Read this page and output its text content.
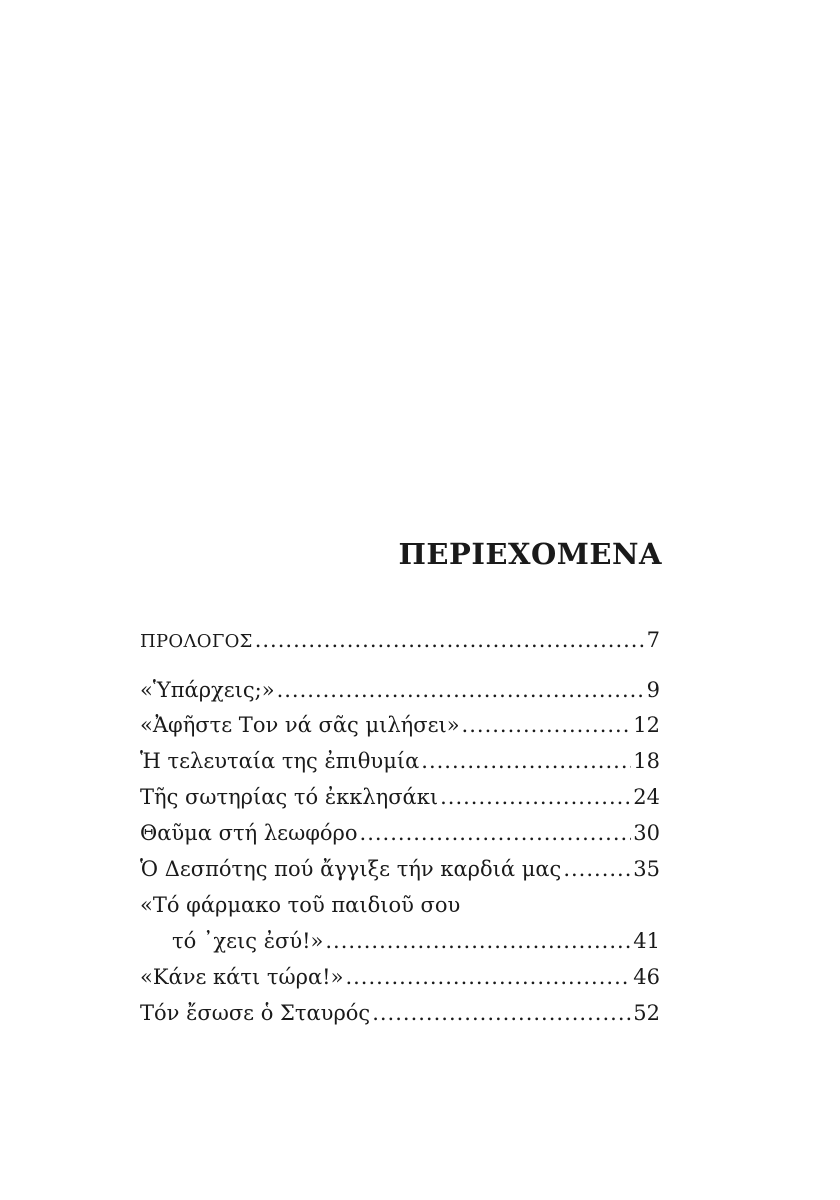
ΠΕΡΙΕΧΟΜΕΝΑ
ΠΡΟΛΟΓΟΣ .....	7
«Ὑπάρχεις;» .....	9
«Ἀφῆστε Τον νά σᾶς μιλήσει» .....	12
Ἡ τελευταία της ἐπιθυμία .....	18
Τῆς σωτηρίας τό ἐκκλησάκι .....	24
Θαῦμα στή λεωφόρο .....	30
Ὁ Δεσπότης πού ἄγγιξε τήν καρδιά μας .....	35
«Τό φάρμακο τοῦ παιδιοῦ σου
τό ᾽χεις ἐσύ!» .....	41
«Κάνε κάτι τώρα!» .....	46
Τόν ἔσωσε ὁ Σταυρός .....	52
